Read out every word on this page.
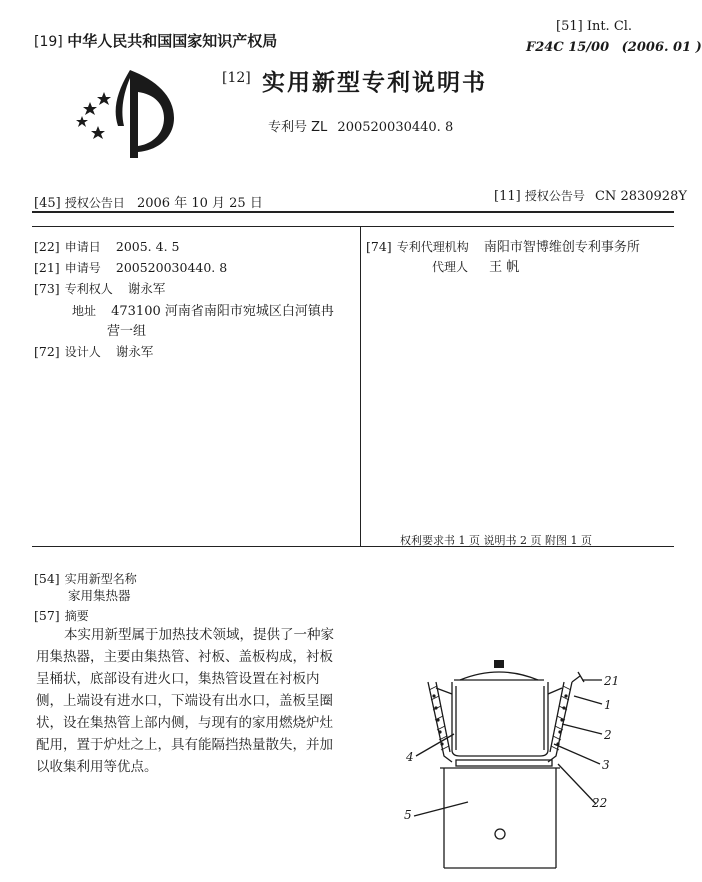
[19] 中华人民共和国国家知识产权局
[51] Int. Cl.
F24C 15/00 (2006. 01 )
[12] 实用新型专利说明书
专利号 ZL 200520030440. 8
[45] 授权公告日 2006 年 10 月 25 日	[11] 授权公告号 CN 2830928Y
[22] 申请日 2005. 4. 5
[21] 申请号 200520030440. 8
[73] 专利权人 谢永军
地址 473100 河南省南阳市宛城区白河镇冉
营一组
[72] 设计人 谢永军
[74] 专利代理机构 南阳市智博维创专利事务所
代理人 王 帆
权利要求书 1 页 说明书 2 页 附图 1 页
[54] 实用新型名称
家用集热器
[57] 摘要
本实用新型属于加热技术领域，提供了一种家
用集热器，主要由集热管、衬板、盖板构成，衬板
呈桶状，底部设有进火口，集热管设置在衬板内
侧，上端设有进水口，下端设有出水口，盖板呈圈
状，设在集热管上部内侧，与现有的家用燃烧炉灶
配用，置于炉灶之上，具有能隔挡热量散失，并加
以收集利用等优点。
21
1
2
3
4
22
5
